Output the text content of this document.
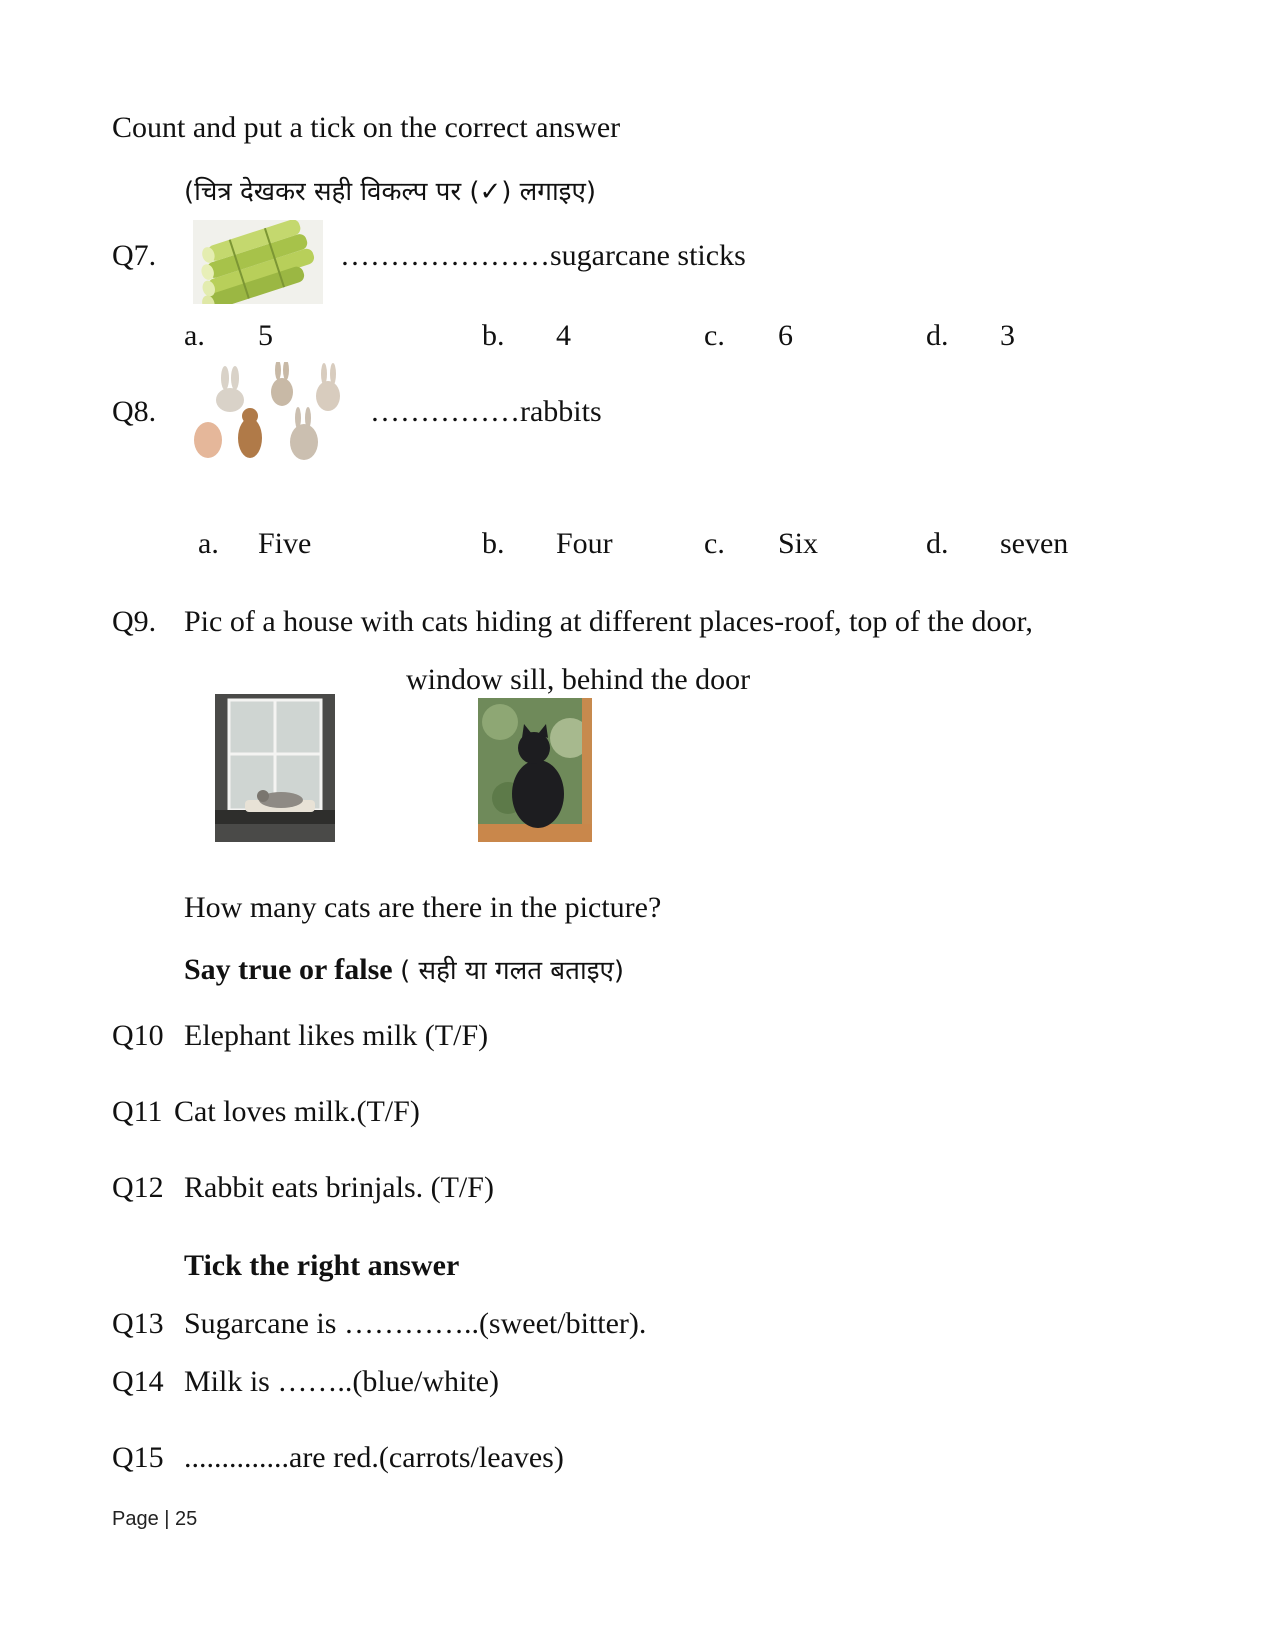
Count and put a tick on the correct answer
(चित्र देखकर सही विकल्प पर (✓) लगाइए)
Q7.	…………………sugarcane sticks
a. 5	b. 4	c. 6	d. 3
Q8.	……………rabbits
a. Five	b. Four	c. Six	d. seven
Q9. Pic of a house with cats hiding at different places-roof, top of the door,
window sill, behind the door
How many cats are there in the picture?
Say true or false ( सही या गलत बताइए)
Q10 Elephant likes milk (T/F)
Q11 Cat loves milk.(T/F)
Q12 Rabbit eats brinjals. (T/F)
Tick the right answer
Q13 Sugarcane is …………..(sweet/bitter).
Q14 Milk is ……..(blue/white)
Q15 ..............are red.(carrots/leaves)
Page | 25
